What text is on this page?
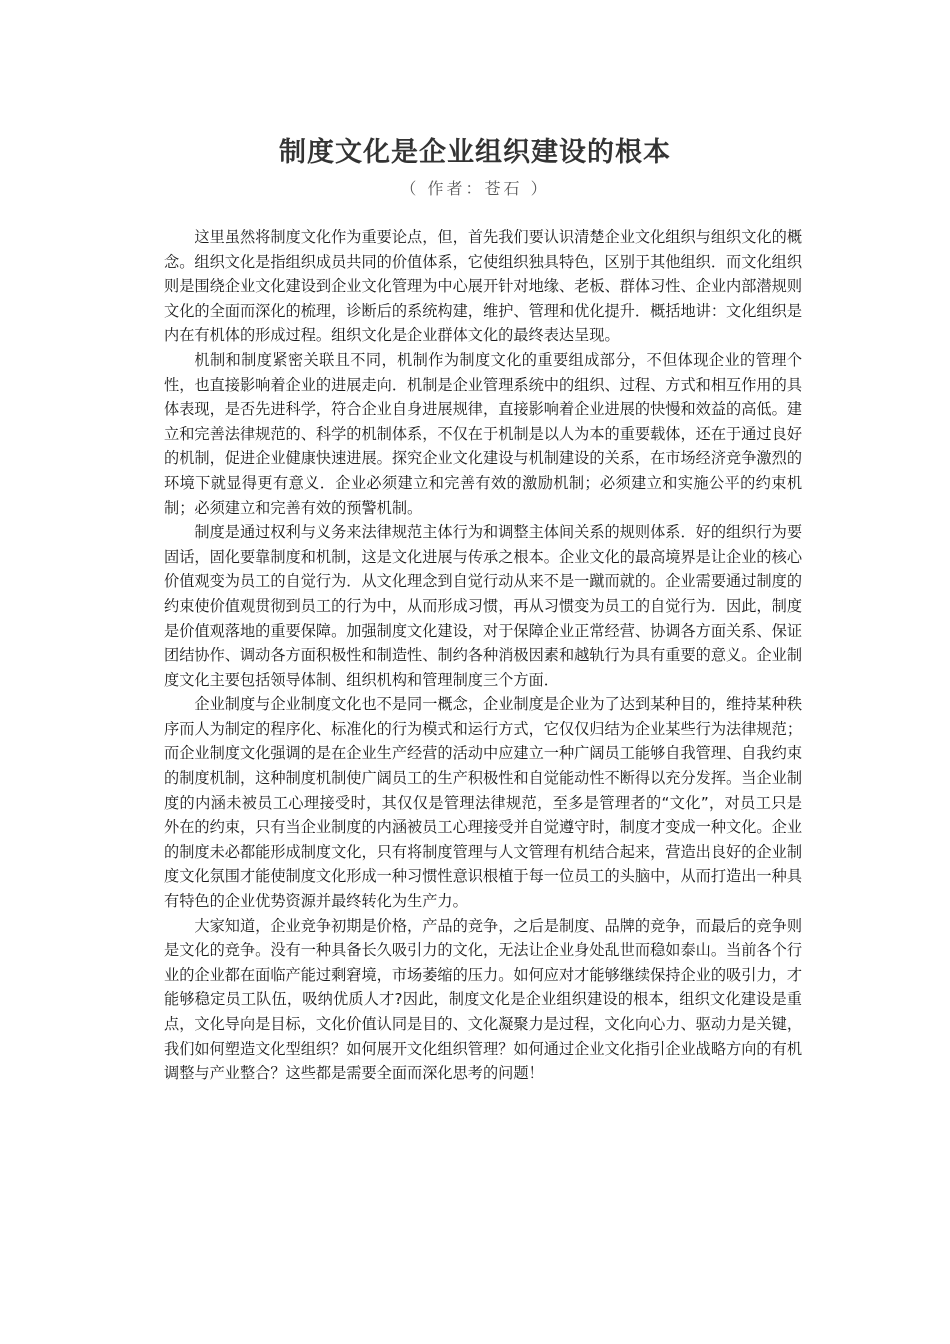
制度文化是企业组织建设的根本
（ 作者：苍石 ）

这里虽然将制度文化作为重要论点，但，首先我们要认识清楚企业文化组织与组织文化的概念。组织文化是指组织成员共同的价值体系，它使组织独具特色，区别于其他组织．而文化组织则是围绕企业文化建设到企业文化管理为中心展开针对地缘、老板、群体习性、企业内部潜规则文化的全面而深化的梳理，诊断后的系统构建，维护、管理和优化提升．概括地讲：文化组织是内在有机体的形成过程。组织文化是企业群体文化的最终表达呈现。

机制和制度紧密关联且不同，机制作为制度文化的重要组成部分，不但体现企业的管理个性，也直接影响着企业的进展走向．机制是企业管理系统中的组织、过程、方式和相互作用的具体表现，是否先进科学，符合企业自身进展规律，直接影响着企业进展的快慢和效益的高低。建立和完善法律规范的、科学的机制体系，不仅在于机制是以人为本的重要载体，还在于通过良好的机制，促进企业健康快速进展。探究企业文化建设与机制建设的关系，在市场经济竞争激烈的环境下就显得更有意义．企业必须建立和完善有效的激励机制；必须建立和实施公平的约束机制；必须建立和完善有效的预警机制。

制度是通过权利与义务来法律规范主体行为和调整主体间关系的规则体系．好的组织行为要固话，固化要靠制度和机制，这是文化进展与传承之根本。企业文化的最高境界是让企业的核心价值观变为员工的自觉行为．从文化理念到自觉行动从来不是一蹴而就的。企业需要通过制度的约束使价值观贯彻到员工的行为中，从而形成习惯，再从习惯变为员工的自觉行为．因此，制度是价值观落地的重要保障。加强制度文化建设，对于保障企业正常经营、协调各方面关系、保证团结协作、调动各方面积极性和制造性、制约各种消极因素和越轨行为具有重要的意义。企业制度文化主要包括领导体制、组织机构和管理制度三个方面．

企业制度与企业制度文化也不是同一概念，企业制度是企业为了达到某种目的，维持某种秩序而人为制定的程序化、标准化的行为模式和运行方式，它仅仅归结为企业某些行为法律规范；而企业制度文化强调的是在企业生产经营的活动中应建立一种广阔员工能够自我管理、自我约束的制度机制，这种制度机制使广阔员工的生产积极性和自觉能动性不断得以充分发挥。当企业制度的内涵未被员工心理接受时，其仅仅是管理法律规范，至多是管理者的“文化”，对员工只是外在的约束，只有当企业制度的内涵被员工心理接受并自觉遵守时，制度才变成一种文化。企业的制度未必都能形成制度文化，只有将制度管理与人文管理有机结合起来，营造出良好的企业制度文化氛围才能使制度文化形成一种习惯性意识根植于每一位员工的头脑中，从而打造出一种具有特色的企业优势资源并最终转化为生产力。

大家知道，企业竞争初期是价格，产品的竞争，之后是制度、品牌的竞争，而最后的竞争则是文化的竞争。没有一种具备长久吸引力的文化，无法让企业身处乱世而稳如泰山。当前各个行业的企业都在面临产能过剩窘境，市场萎缩的压力。如何应对才能够继续保持企业的吸引力，才能够稳定员工队伍，吸纳优质人才?因此，制度文化是企业组织建设的根本，组织文化建设是重点，文化导向是目标，文化价值认同是目的、文化凝聚力是过程，文化向心力、驱动力是关键，我们如何塑造文化型组织？如何展开文化组织管理？如何通过企业文化指引企业战略方向的有机调整与产业整合？这些都是需要全面而深化思考的问题！
